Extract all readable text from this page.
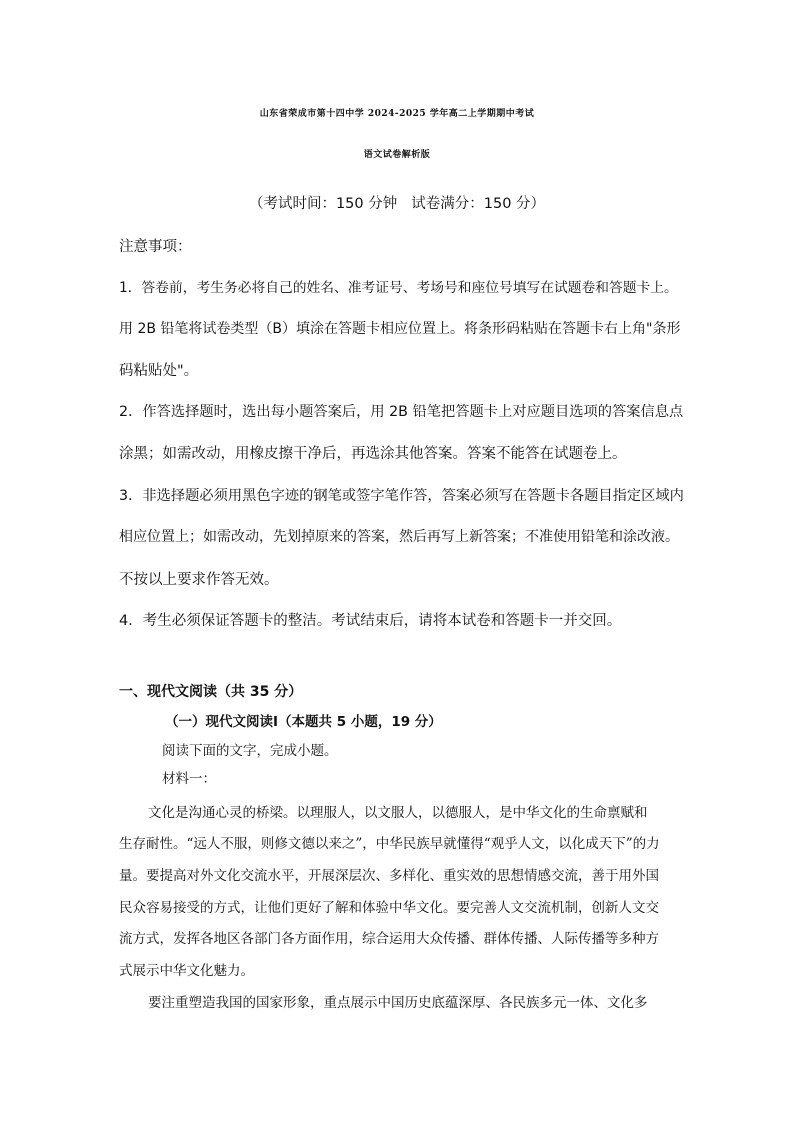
山东省荣成市第十四中学 2024-2025 学年高二上学期期中考试
语文试卷解析版
（考试时间：150 分钟 试卷满分：150 分）
注意事项：
1．答卷前，考生务必将自己的姓名、准考证号、考场号和座位号填写在试题卷和答题卡上。
用 2B 铅笔将试卷类型（B）填涂在答题卡相应位置上。将条形码粘贴在答题卡右上角"条形
码粘贴处"。
2．作答选择题时，选出每小题答案后，用 2B 铅笔把答题卡上对应题目选项的答案信息点
涂黑；如需改动，用橡皮擦干净后，再选涂其他答案。答案不能答在试题卷上。
3．非选择题必须用黑色字迹的钢笔或签字笔作答，答案必须写在答题卡各题目指定区域内
相应位置上；如需改动，先划掉原来的答案，然后再写上新答案；不准使用铅笔和涂改液。
不按以上要求作答无效。
4．考生必须保证答题卡的整洁。考试结束后，请将本试卷和答题卡一并交回。
一、现代文阅读（共 35 分）
（一）现代文阅读Ⅰ（本题共 5 小题，19 分）
阅读下面的文字，完成小题。
材料一：
文化是沟通心灵的桥梁。以理服人，以文服人，以德服人，是中华文化的生命禀赋和
生存耐性。“远人不服，则修文德以来之”，中华民族早就懂得“观乎人文，以化成天下”的力
量。要提高对外文化交流水平，开展深层次、多样化、重实效的思想情感交流，善于用外国
民众容易接受的方式，让他们更好了解和体验中华文化。要完善人文交流机制，创新人文交
流方式，发挥各地区各部门各方面作用，综合运用大众传播、群体传播、人际传播等多种方
式展示中华文化魅力。
要注重塑造我国的国家形象，重点展示中国历史底蕴深厚、各民族多元一体、文化多
